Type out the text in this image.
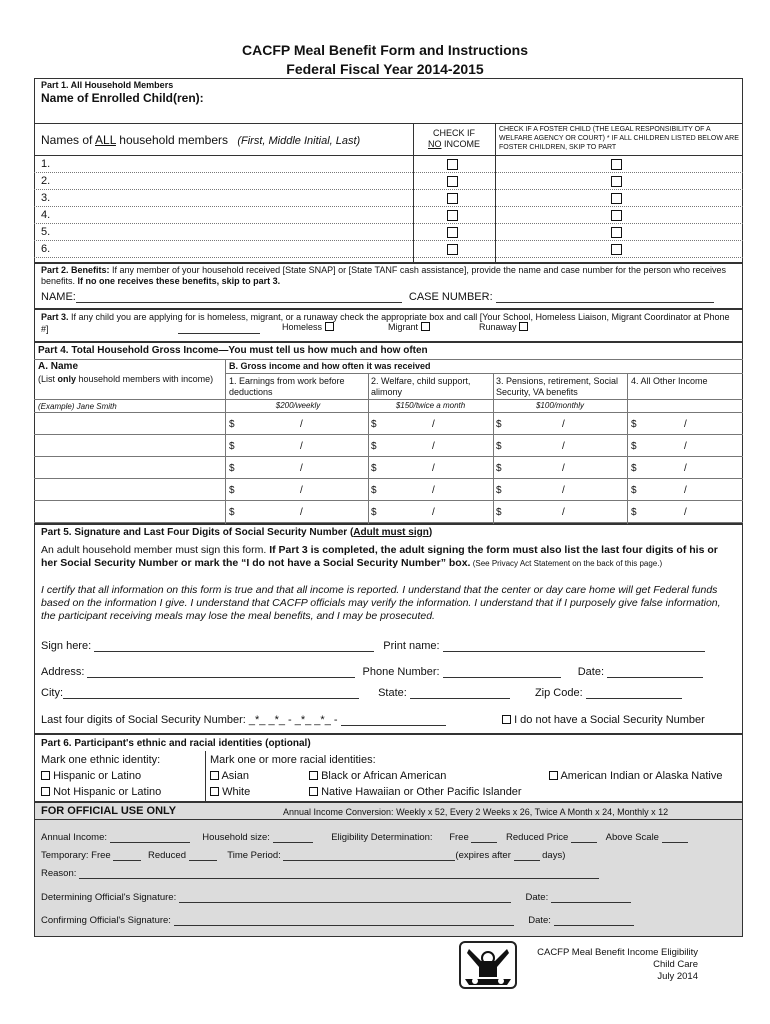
CACFP Meal Benefit Form and Instructions
Federal Fiscal Year 2014-2015
Part 1. All Household Members
Name of Enrolled Child(ren):
Names of ALL household members (First, Middle Initial, Last)
CHECK IF
NO INCOME
CHECK IF A FOSTER CHILD (THE LEGAL RESPONSIBILITY OF A WELFARE AGENCY OR COURT) * IF ALL CHILDREN LISTED BELOW ARE FOSTER CHILDREN, SKIP TO PART
1.
2.
3.
4.
5.
6.
Part 2. Benefits: If any member of your household received [State SNAP] or [State TANF cash assistance], provide the name and case number for the person who receives benefits. If no one receives these benefits, skip to part 3.
NAME:	CASE NUMBER:
Part 3. If any child you are applying for is homeless, migrant, or a runaway check the appropriate box and call [Your School, Homeless Liaison, Migrant Coordinator at Phone #]	Homeless	Migrant	Runaway
Part 4. Total Household Gross Income—You must tell us how much and how often
A. Name
(List only household members with income)
B. Gross income and how often it was received
1. Earnings from work before deductions
2. Welfare, child support, alimony
3. Pensions, retirement, Social Security, VA benefits
4. All Other Income
(Example) Jane Smith	$200/weekly	$150/twice a month	$100/monthly
$	/	$	/	$	/	$	/
$	/	$	/	$	/	$	/
$	/	$	/	$	/	$	/
$	/	$	/	$	/	$	/
$	/	$	/	$	/	$	/
Part 5. Signature and Last Four Digits of Social Security Number (Adult must sign)
An adult household member must sign this form. If Part 3 is completed, the adult signing the form must also list the last four digits of his or her Social Security Number or mark the “I do not have a Social Security Number” box. (See Privacy Act Statement on the back of this page.)
I certify that all information on this form is true and that all income is reported. I understand that the center or day care home will get Federal funds based on the information I give. I understand that CACFP officials may verify the information. I understand that if I purposely give false information, the participant receiving meals may lose the meal benefits, and I may be prosecuted.
Sign here:	Print name:
Address:	Phone Number:	Date:
City:	State:	Zip Code:
Last four digits of Social Security Number: _*_ _*_ - _*_ _*_ -	I do not have a Social Security Number
Part 6. Participant's ethnic and racial identities (optional)
Mark one ethnic identity:	Mark one or more racial identities:
Hispanic or Latino
Not Hispanic or Latino
Asian
White
Black or African American
Native Hawaiian or Other Pacific Islander
American Indian or Alaska Native
FOR OFFICIAL USE ONLY	Annual Income Conversion: Weekly x 52, Every 2 Weeks x 26, Twice A Month x 24, Monthly x 12
Annual Income:	Household size:	Eligibility Determination: Free	Reduced Price	Above Scale
Temporary: Free	Reduced	Time Period:	(expires after	days)
Reason:
Determining Official's Signature:	Date:
Confirming Official's Signature:	Date:
CACFP Meal Benefit Income Eligibility
Child Care
July 2014
